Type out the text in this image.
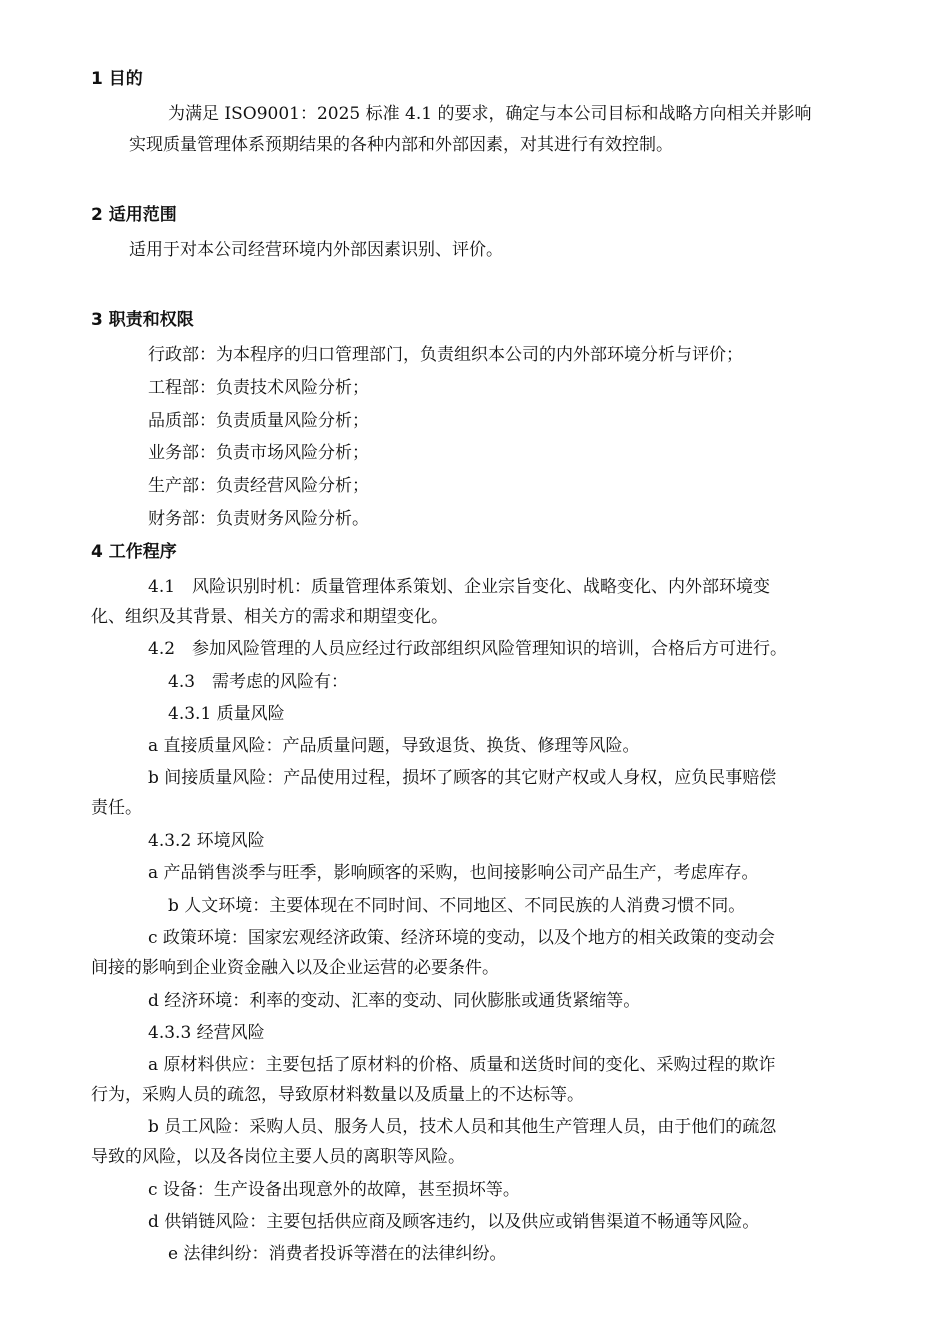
1 目的
为满足 ISO9001：2025 标准 4.1 的要求，确定与本公司目标和战略方向相关并影响
实现质量管理体系预期结果的各种内部和外部因素，对其进行有效控制。
2 适用范围
适用于对本公司经营环境内外部因素识别、评价。
3 职责和权限
行政部：为本程序的归口管理部门，负责组织本公司的内外部环境分析与评价；
工程部：负责技术风险分析；
品质部：负责质量风险分析；
业务部：负责市场风险分析；
生产部：负责经营风险分析；
财务部：负责财务风险分析。
4 工作程序
4.1　风险识别时机：质量管理体系策划、企业宗旨变化、战略变化、内外部环境变
化、组织及其背景、相关方的需求和期望变化。
4.2　参加风险管理的人员应经过行政部组织风险管理知识的培训，合格后方可进行。
4.3　需考虑的风险有：
4.3.1 质量风险
a 直接质量风险：产品质量问题，导致退货、换货、修理等风险。
b 间接质量风险：产品使用过程，损坏了顾客的其它财产权或人身权，应负民事赔偿
责任。
4.3.2 环境风险
a 产品销售淡季与旺季，影响顾客的采购，也间接影响公司产品生产，考虑库存。
b 人文环境：主要体现在不同时间、不同地区、不同民族的人消费习惯不同。
c 政策环境：国家宏观经济政策、经济环境的变动，以及个地方的相关政策的变动会
间接的影响到企业资金融入以及企业运营的必要条件。
d 经济环境：利率的变动、汇率的变动、同伙膨胀或通货紧缩等。
4.3.3 经营风险
a 原材料供应：主要包括了原材料的价格、质量和送货时间的变化、采购过程的欺诈
行为，采购人员的疏忽，导致原材料数量以及质量上的不达标等。
b 员工风险：采购人员、服务人员，技术人员和其他生产管理人员，由于他们的疏忽
导致的风险，以及各岗位主要人员的离职等风险。
c 设备：生产设备出现意外的故障，甚至损坏等。
d 供销链风险：主要包括供应商及顾客违约，以及供应或销售渠道不畅通等风险。
e 法律纠纷：消费者投诉等潜在的法律纠纷。
